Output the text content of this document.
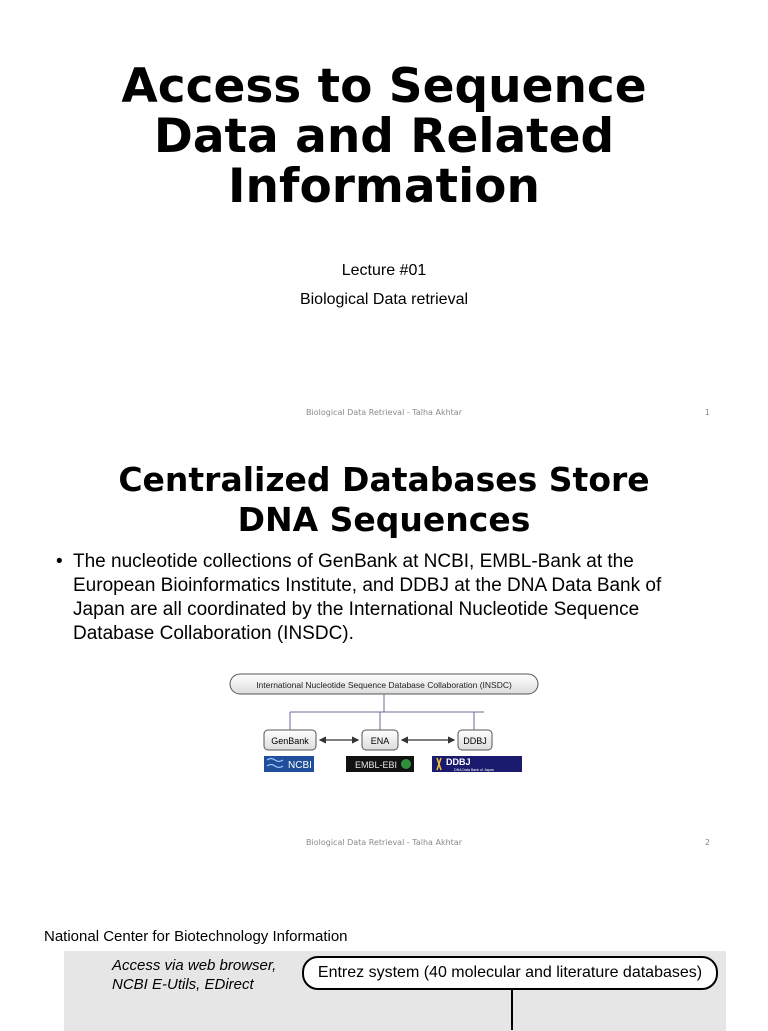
Access to Sequence
Data and Related
Information
Lecture #01
Biological Data retrieval
Biological Data Retrieval - Talha Akhtar	1
Centralized Databases Store
DNA Sequences
• The nucleotide collections of GenBank at NCBI, EMBL-Bank at the European Bioinformatics Institute, and DDBJ at the DNA Data Bank of Japan are all coordinated by the International Nucleotide Sequence Database Collaboration (INSDC).
International Nucleotide Sequence Database Collaboration (INSDC)
GenBank	ENA	DDBJ
NCBI	EMBL-EBI	DDBJ
DNA Data Bank of Japan
Biological Data Retrieval - Talha Akhtar	2
National Center for Biotechnology Information
Access via web browser,
NCBI E-Utils, EDirect
Entrez system (40 molecular and literature databases)
